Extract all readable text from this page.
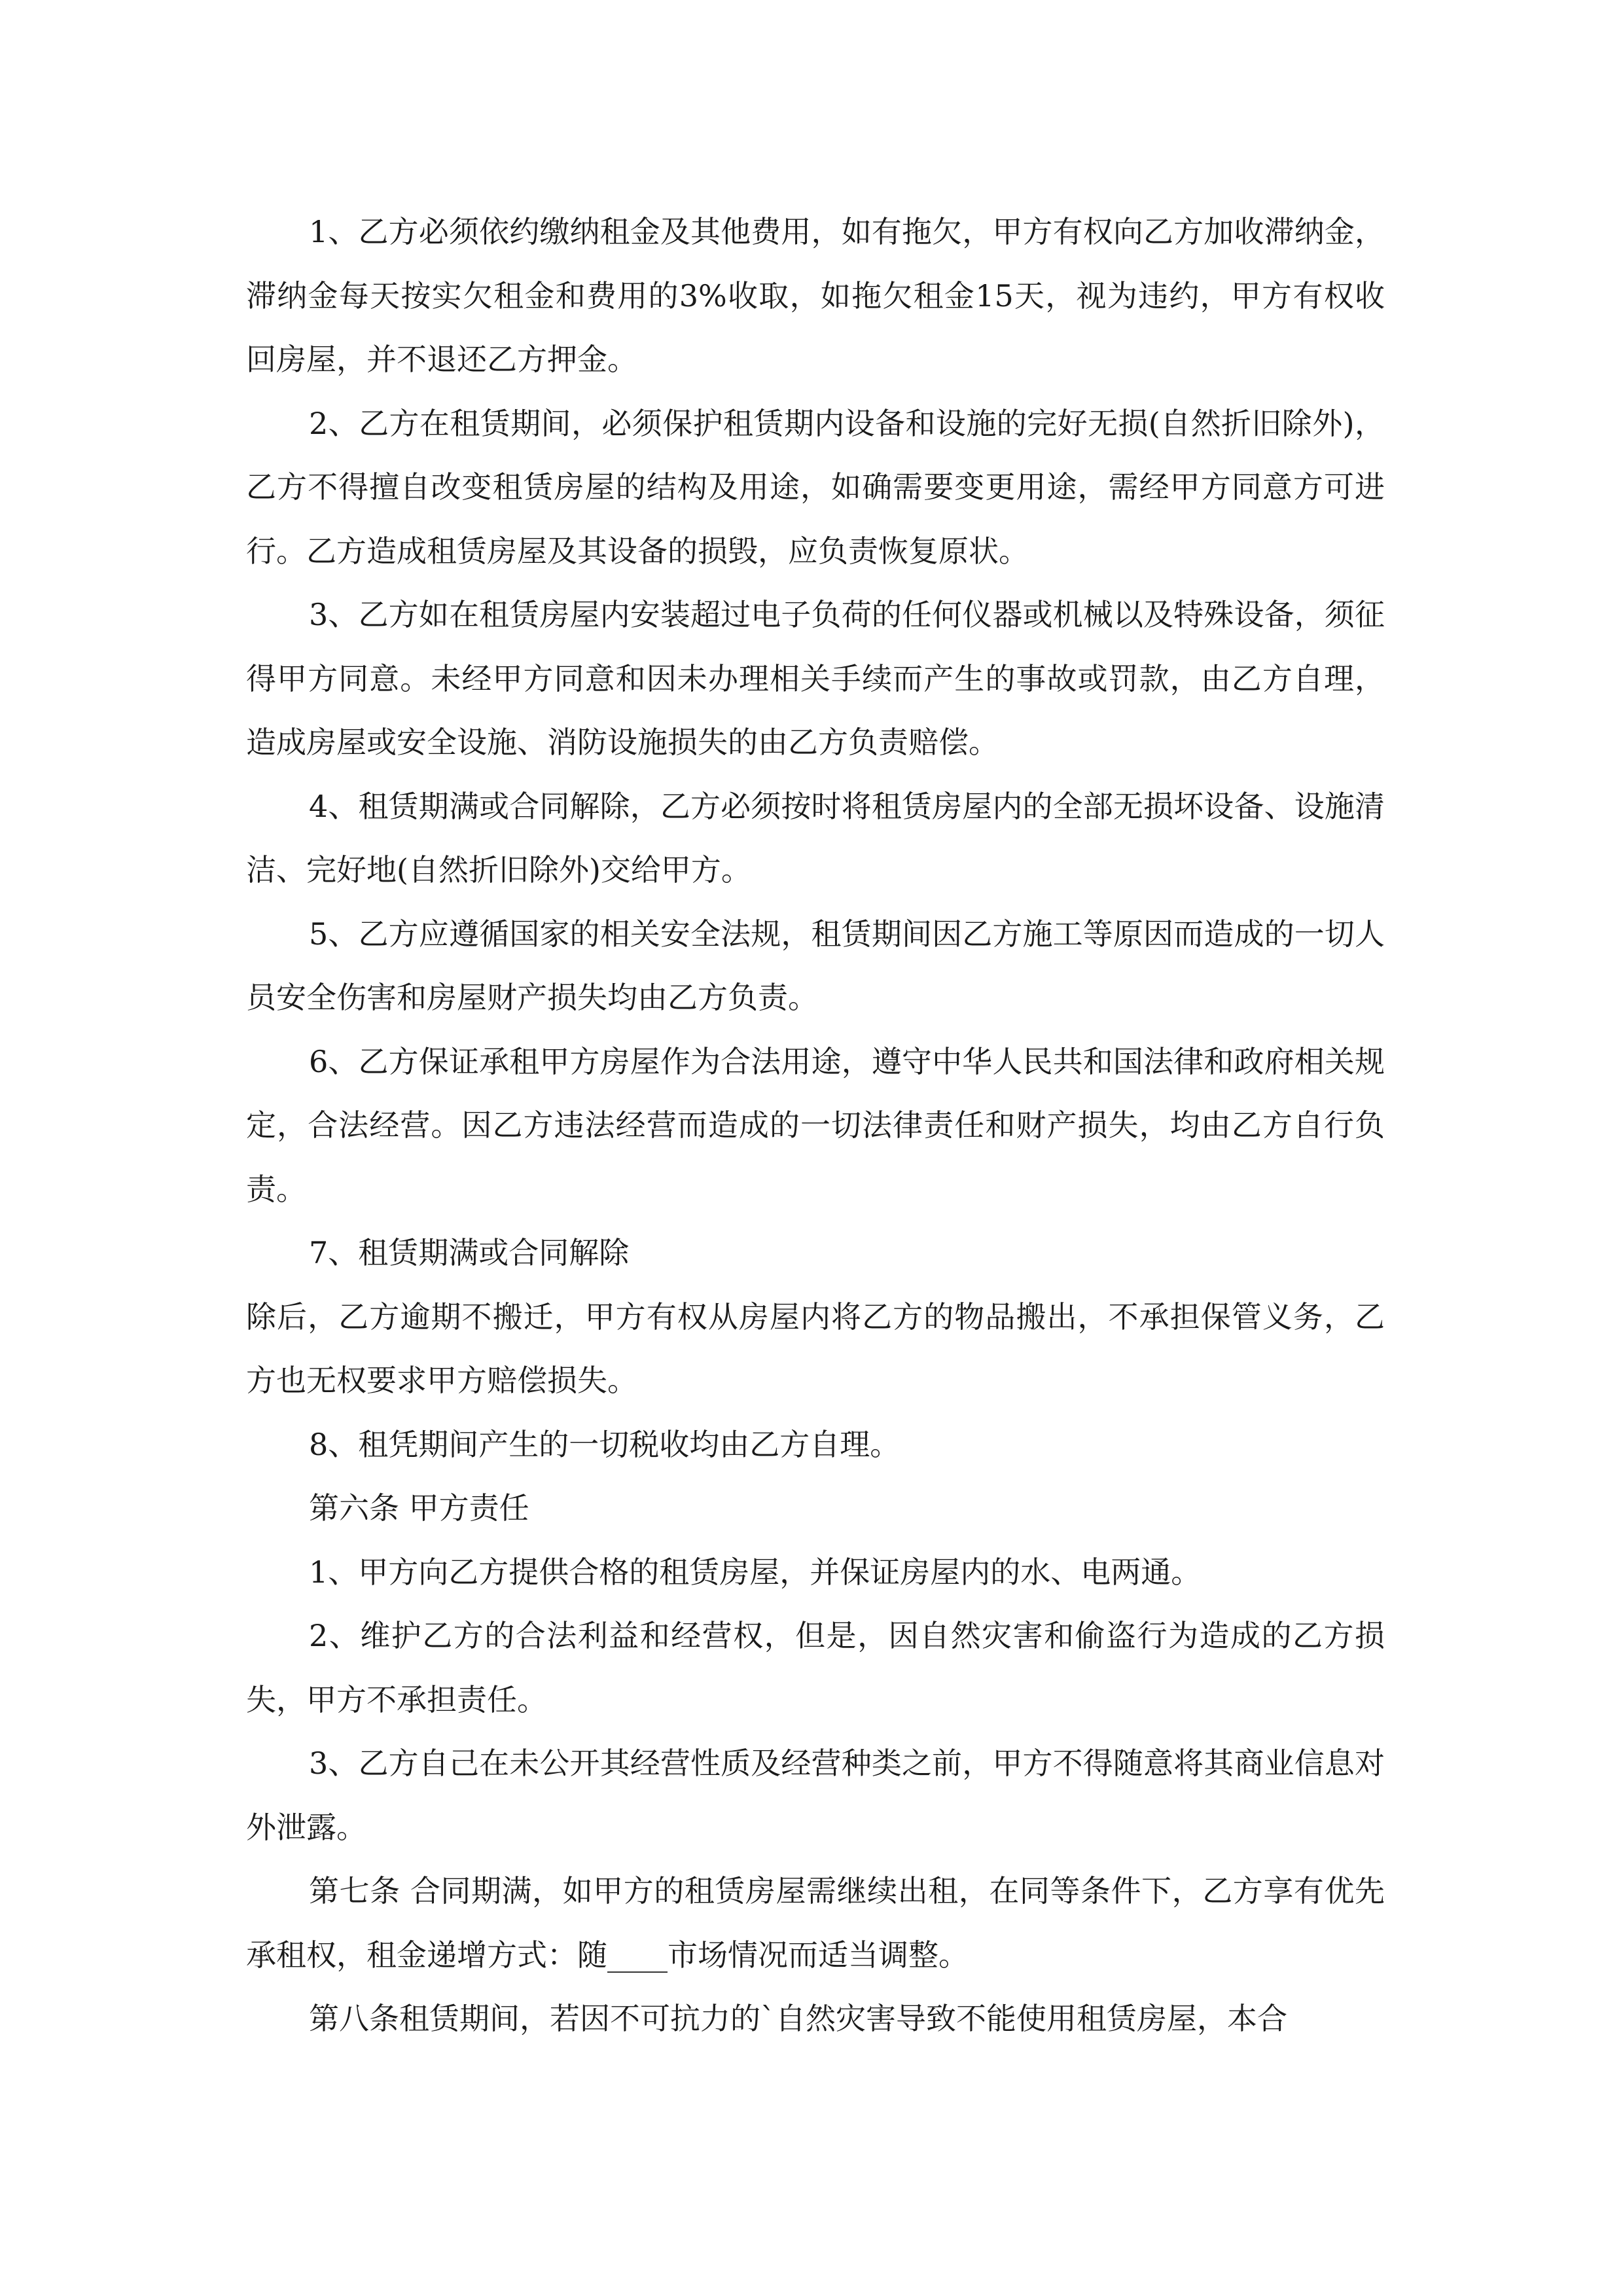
1、乙方必须依约缴纳租金及其他费用，如有拖欠，甲方有权向乙方加收滞纳金，滞纳金每天按实欠租金和费用的3%收取，如拖欠租金15天，视为违约，甲方有权收回房屋，并不退还乙方押金。

2、乙方在租赁期间，必须保护租赁期内设备和设施的完好无损(自然折旧除外)，乙方不得擅自改变租赁房屋的结构及用途，如确需要变更用途，需经甲方同意方可进行。乙方造成租赁房屋及其设备的损毁，应负责恢复原状。

3、乙方如在租赁房屋内安装超过电子负荷的任何仪器或机械以及特殊设备，须征得甲方同意。未经甲方同意和因未办理相关手续而产生的事故或罚款，由乙方自理，造成房屋或安全设施、消防设施损失的由乙方负责赔偿。

4、租赁期满或合同解除，乙方必须按时将租赁房屋内的全部无损坏设备、设施清洁、完好地(自然折旧除外)交给甲方。

5、乙方应遵循国家的相关安全法规，租赁期间因乙方施工等原因而造成的一切人员安全伤害和房屋财产损失均由乙方负责。

6、乙方保证承租甲方房屋作为合法用途，遵守中华人民共和国法律和政府相关规定，合法经营。因乙方违法经营而造成的一切法律责任和财产损失，均由乙方自行负责。

7、租赁期满或合同解除

除后，乙方逾期不搬迁，甲方有权从房屋内将乙方的物品搬出，不承担保管义务，乙方也无权要求甲方赔偿损失。

8、租凭期间产生的一切税收均由乙方自理。

第六条 甲方责任

1、甲方向乙方提供合格的租赁房屋，并保证房屋内的水、电两通。

2、维护乙方的合法利益和经营权，但是，因自然灾害和偷盗行为造成的乙方损失，甲方不承担责任。

3、乙方自己在未公开其经营性质及经营种类之前，甲方不得随意将其商业信息对外泄露。

第七条 合同期满，如甲方的租赁房屋需继续出租，在同等条件下，乙方享有优先承租权，租金递增方式：随____市场情况而适当调整。

第八条租赁期间，若因不可抗力的`自然灾害导致不能使用租赁房屋，本合
